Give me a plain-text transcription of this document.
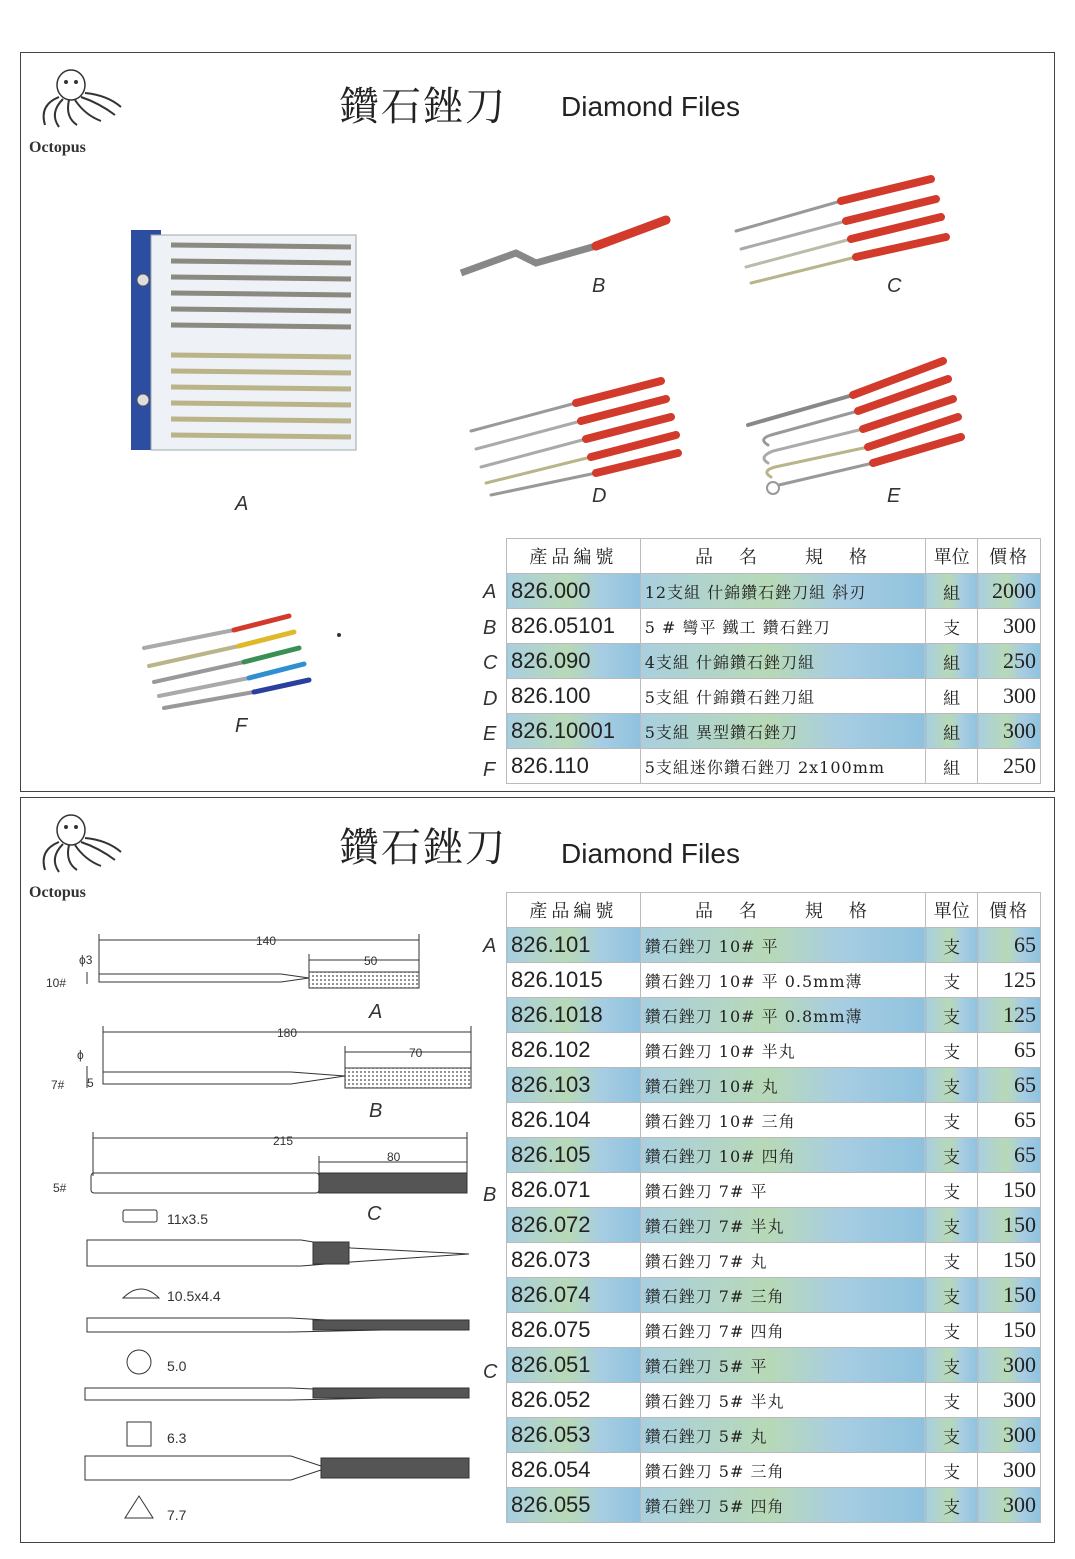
Octopus
鑽石銼刀 Diamond Files
A
B	C
D	E
F
A
B
C
D
E
F
產品編號	品　名　　規　格	單位	價格
826.000	12支組 什錦鑽石銼刀組 斜刃	組	2000
826.05101	5 # 彎平 鐵工 鑽石銼刀	支	300
826.090	4支組 什錦鑽石銼刀組	組	250
826.100	5支組 什錦鑽石銼刀組	組	300
826.10001	5支組 異型鑽石銼刀	組	300
826.110	5支組迷你鑽石銼刀 2x100mm	組	250
Octopus
鑽石銼刀 Diamond Files
140
50
ϕ3
10#
A
180
70
ϕ
5
7#
B
215
80
5#
C
11x3.5
10.5x4.4
5.0
6.3
7.7
A
B
C
產品編號	品　名　　規　格	單位	價格
826.101	鑽石銼刀 10# 平	支	65
826.1015	鑽石銼刀 10# 平 0.5mm薄	支	125
826.1018	鑽石銼刀 10# 平 0.8mm薄	支	125
826.102	鑽石銼刀 10# 半丸	支	65
826.103	鑽石銼刀 10# 丸	支	65
826.104	鑽石銼刀 10# 三角	支	65
826.105	鑽石銼刀 10# 四角	支	65
826.071	鑽石銼刀 7# 平	支	150
826.072	鑽石銼刀 7# 半丸	支	150
826.073	鑽石銼刀 7# 丸	支	150
826.074	鑽石銼刀 7# 三角	支	150
826.075	鑽石銼刀 7# 四角	支	150
826.051	鑽石銼刀 5# 平	支	300
826.052	鑽石銼刀 5# 半丸	支	300
826.053	鑽石銼刀 5# 丸	支	300
826.054	鑽石銼刀 5# 三角	支	300
826.055	鑽石銼刀 5# 四角	支	300
